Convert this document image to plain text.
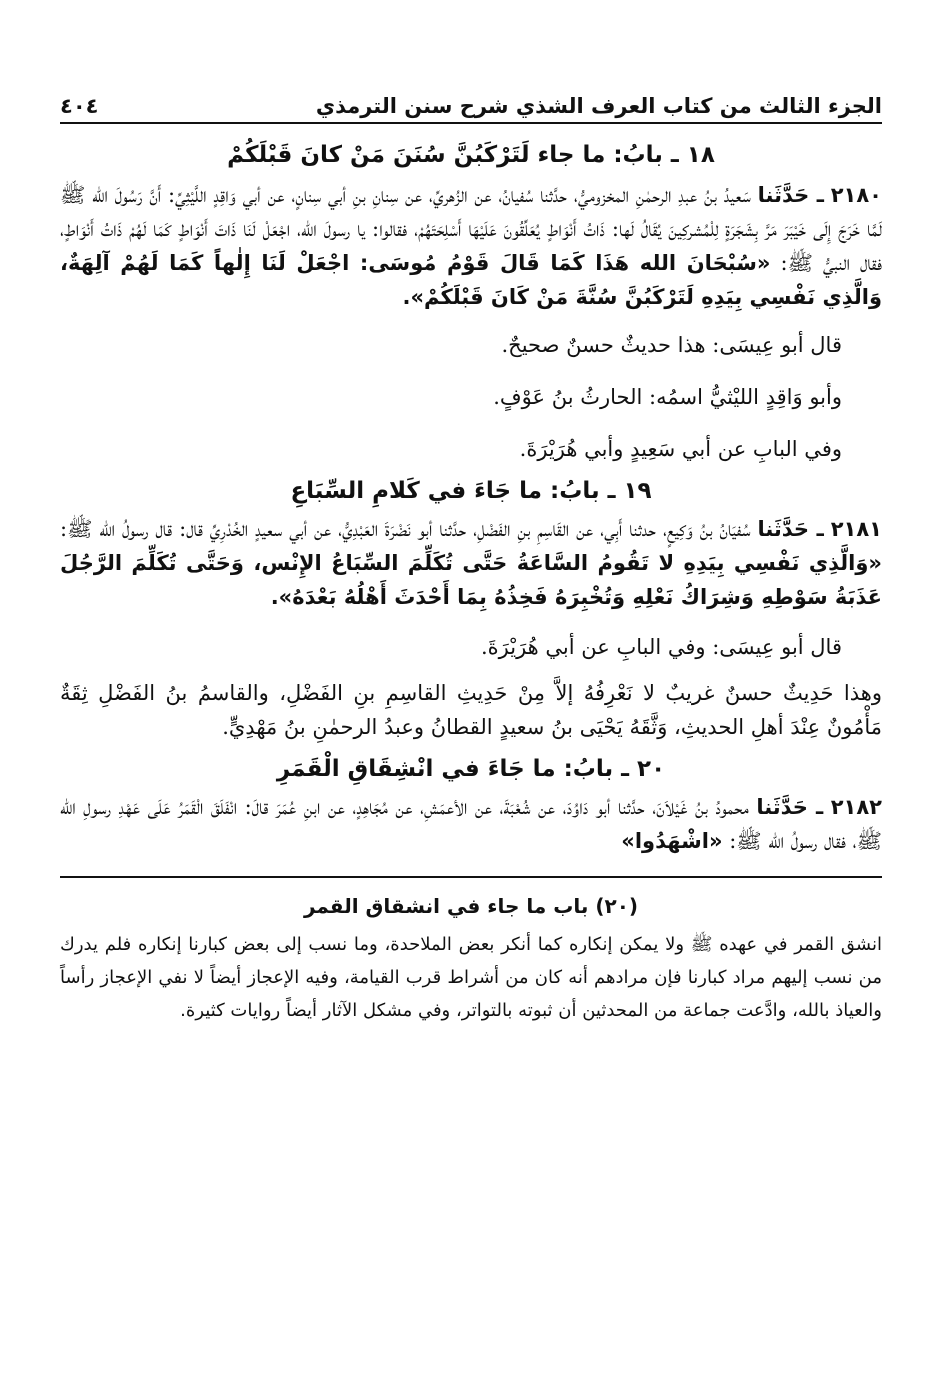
الجزء الثالث من كتاب العرف الشذي شرح سنن الترمذي
٤٠٤

١٨ ـ بابُ: ما جاء لَتَرْكَبُنَّ سُنَنَ مَنْ كانَ قَبْلَكُمْ

٢١٨٠ ـ حَدَّثَنا سَعيدُ بنُ عبدِ الرحمٰنِ المخزوميُّ، حدَّثنا سُفيانُ، عن الزُهريِّ، عن سِنانِ بنِ أبي سِنانٍ، عن أبي وَاقِدٍ اللَّيْثِيِّ: أَنَّ رَسُولَ الله ﷺ لَمَّا خَرَجَ إِلَى خَيْبَرَ مَرَّ بِشَجَرَةٍ لِلْمُشركِينَ يُقَالُ لَها: ذَاتُ أَنْوَاطٍ يُعَلِّقُونَ عَلَيْهَا أَسْلِحَتَهُمْ، فقالوا: يا رسولَ الله، اجْعَلْ لَنَا ذَاتَ أَنْوَاطٍ كَمَا لَهُمْ ذَاتُ أَنْوَاطٍ، فقال النبيُّ ﷺ: «سُبْحَانَ الله هَذَا كَمَا قَالَ قَوْمُ مُوسَى: اجْعَلْ لَنَا إِلٰهاً كَمَا لَهُمْ آلِهَةٌ، وَالَّذِي نَفْسِي بِيَدِهِ لَتَرْكَبُنَّ سُنَّةَ مَنْ كَانَ قَبْلَكُمْ».

قال أبو عِيسَى: هذا حديثٌ حسنٌ صحيحٌ.

وأبو وَاقِدٍ الليْثيُّ اسمُه: الحارثُ بنُ عَوْفٍ.

وفي البابِ عن أبي سَعِيدٍ وأبي هُرَيْرَةَ.

١٩ ـ بابُ: ما جَاءَ في كَلامِ السِّبَاعِ

٢١٨١ ـ حَدَّثَنا سُفيَانُ بنُ وَكِيعٍ، حدثنا أَبِي، عن القَاسِمِ بنِ الفَضْلِ، حدَّثنا أبو نَضْرَةَ العَبْدِيُّ، عن أبي سعيدٍ الخُدْرِيِّ قال: قال رسولُ الله ﷺ: «وَالَّذِي نَفْسِي بِيَدِهِ لا تَقُومُ السَّاعَةُ حَتَّى تُكَلِّمَ السِّبَاعُ الإِنْس، وَحَتَّى تُكَلِّمَ الرَّجُلَ عَذَبَةُ سَوْطِهِ وَشِرَاكُ نَعْلِهِ وَتُخْبِرَهُ فَخِذُهُ بِمَا أَحْدَثَ أَهْلُهُ بَعْدَهُ».

قال أبو عِيسَى: وفي البابِ عن أبي هُرَيْرَةَ.

وهذا حَدِيثٌ حسنٌ غريبٌ لا نَعْرِفُهُ إلاَّ مِنْ حَدِيثِ القاسِمِ بنِ الفَضْلِ، والقاسمُ بنُ الفَضْلِ ثِقَةٌ مَأْمُونٌ عِنْدَ أهلِ الحديثِ، وَثَّقَهُ يَحْيَى بنُ سعيدٍ القطانُ وعبدُ الرحمٰنِ بنُ مَهْدِيٍّ.

٢٠ ـ بابُ: ما جَاءَ في انْشِقَاقِ الْقَمَرِ

٢١٨٢ ـ حَدَّثَنا محمودُ بنُ غَيْلاَنَ، حدَّثنا أبو دَاوُدَ، عن شُعْبَةَ، عن الأعمَشِ، عن مُجَاهِدٍ، عن ابنِ عُمَرَ قالَ: انْفَلَقَ الْقَمَرُ عَلَى عَهْدِ رسولِ الله ﷺ، فقال رسولُ الله ﷺ: «اشْهَدُوا»

(٢٠) باب ما جاء في انشقاق القمر

انشق القمر في عهده ﷺ ولا يمكن إنكاره كما أنكر بعض الملاحدة، وما نسب إلى بعض كبارنا إنكاره فلم يدرك من نسب إليهم مراد كبارنا فإن مرادهم أنه كان من أشراط قرب القيامة، وفيه الإعجاز أيضاً لا نفي الإعجاز رأساً والعياذ بالله، وادَّعت جماعة من المحدثين أن ثبوته بالتواتر، وفي مشكل الآثار أيضاً روايات كثيرة.
